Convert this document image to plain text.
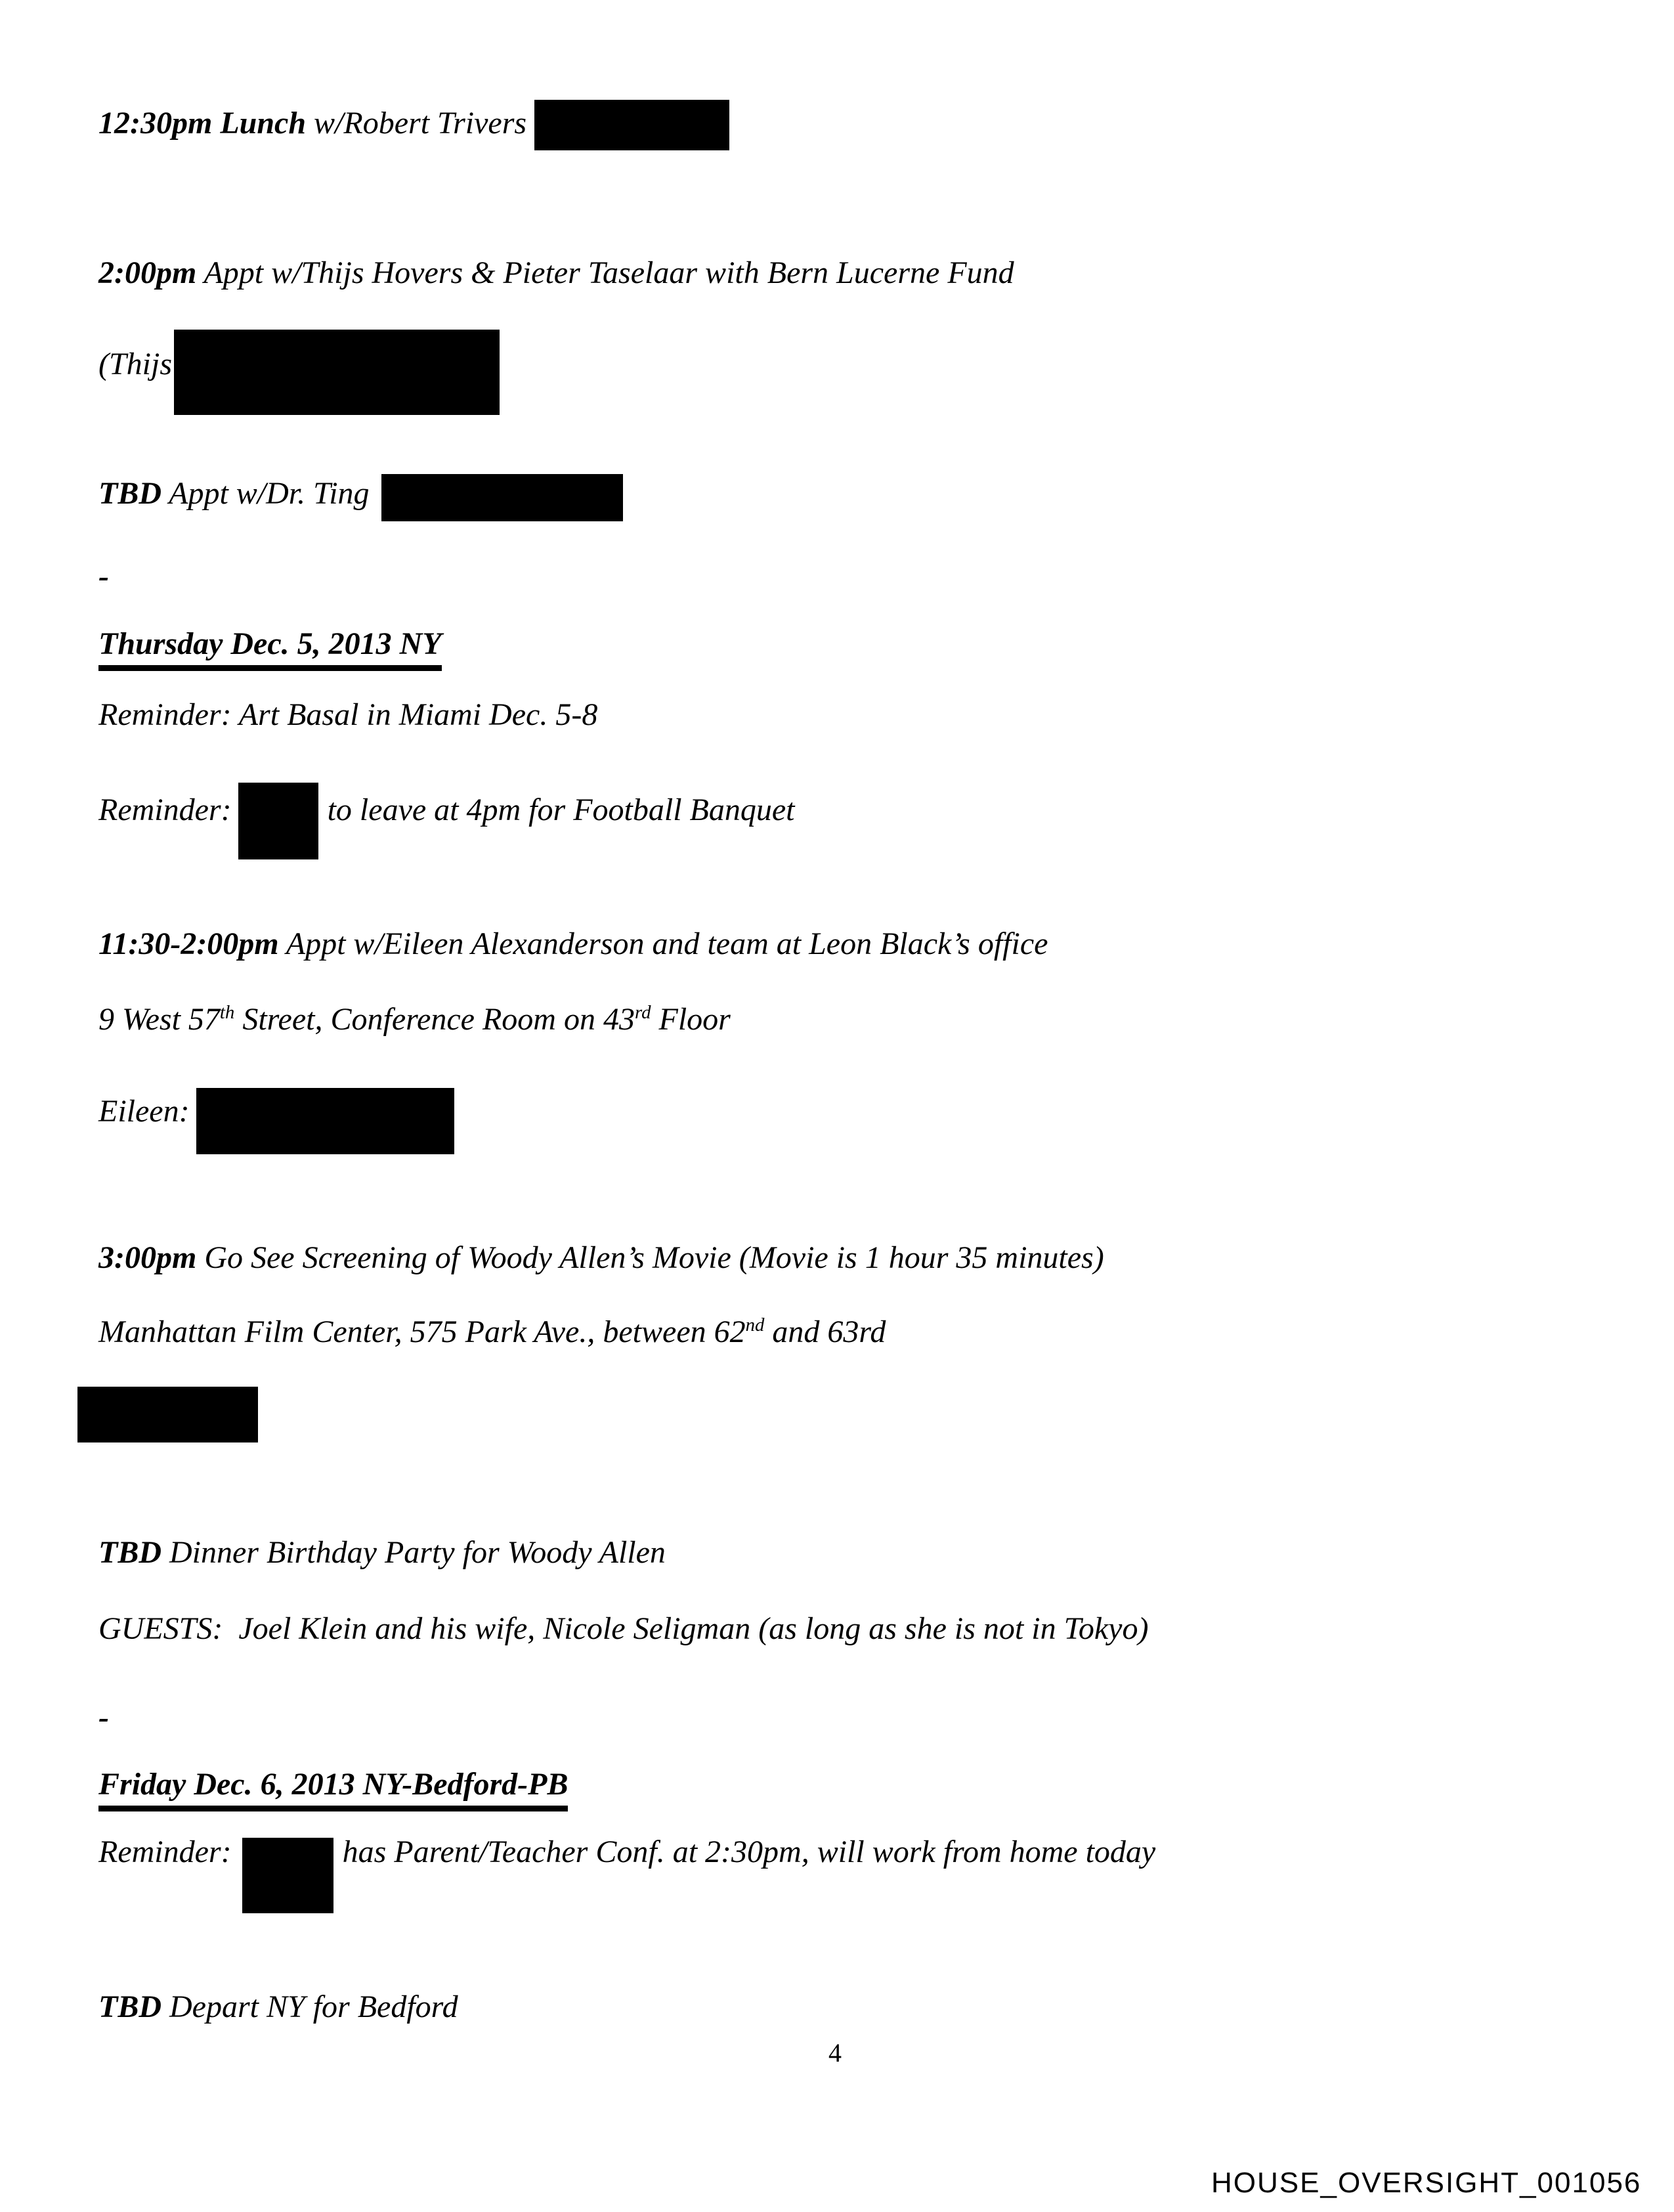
12:30pm Lunch w/Robert Trivers
2:00pm Appt w/Thijs Hovers & Pieter Taselaar with Bern Lucerne Fund
(Thijs
TBD Appt w/Dr. Ting
-
Thursday Dec. 5, 2013 NY
Reminder: Art Basal in Miami Dec. 5-8
Reminder:	to leave at 4pm for Football Banquet
11:30-2:00pm Appt w/Eileen Alexanderson and team at Leon Black’s office
9 West 57th Street, Conference Room on 43rd Floor
Eileen:
3:00pm Go See Screening of Woody Allen’s Movie (Movie is 1 hour 35 minutes)
Manhattan Film Center, 575 Park Ave., between 62nd and 63rd
TBD Dinner Birthday Party for Woody Allen
GUESTS:  Joel Klein and his wife, Nicole Seligman (as long as she is not in Tokyo)
-
Friday Dec. 6, 2013 NY-Bedford-PB
Reminder:	has Parent/Teacher Conf. at 2:30pm, will work from home today
TBD Depart NY for Bedford
4
HOUSE_OVERSIGHT_001056
